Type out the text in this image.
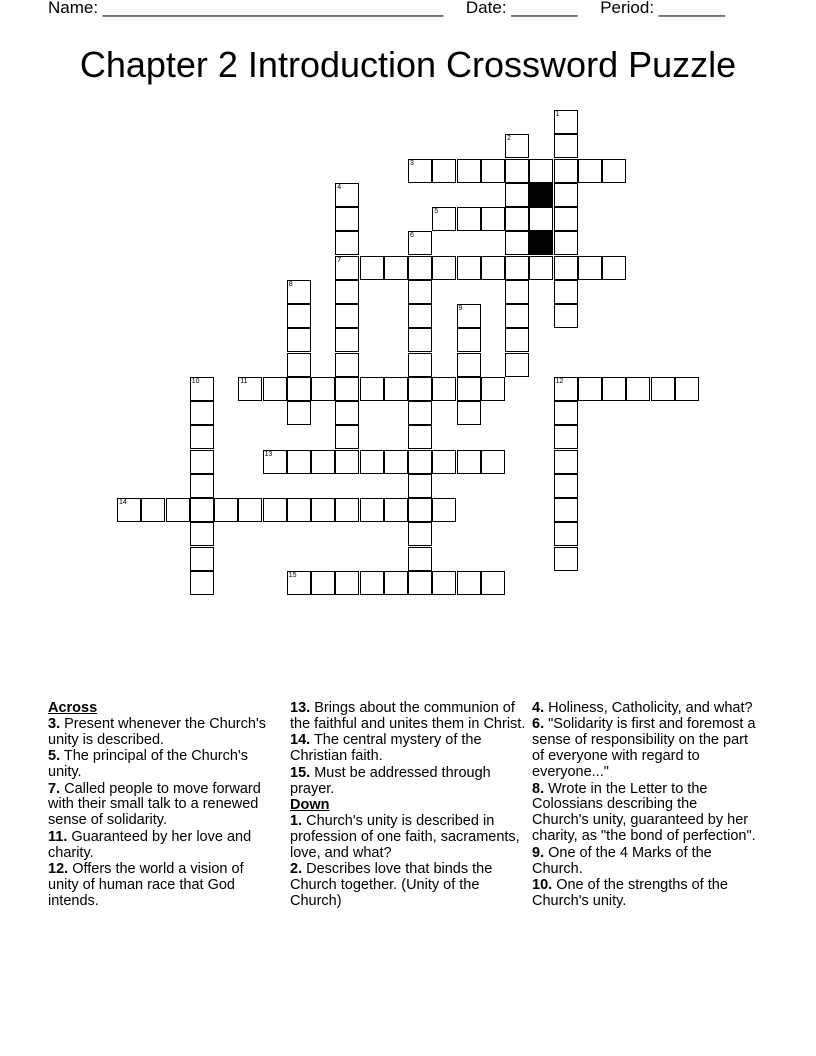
Name: ____________________________________ Date: _______ Period: _______
Chapter 2 Introduction Crossword Puzzle
1
2
3
4
5
6
7
8
9
10	11	12
13
14
15
Across
3. Present whenever the Church's unity is described.
5. The principal of the Church's unity.
7. Called people to move forward with their small talk to a renewed sense of solidarity.
11. Guaranteed by her love and charity.
12. Offers the world a vision of unity of human race that God intends.
13. Brings about the communion of the faithful and unites them in Christ.
14. The central mystery of the Christian faith.
15. Must be addressed through prayer.
Down
1. Church's unity is described in profession of one faith, sacraments, love, and what?
2. Describes love that binds the Church together. (Unity of the Church)
4. Holiness, Catholicity, and what?
6. "Solidarity is first and foremost a sense of responsibility on the part of everyone with regard to everyone..."
8. Wrote in the Letter to the Colossians describing the Church's unity, guaranteed by her charity, as "the bond of perfection".
9. One of the 4 Marks of the Church.
10. One of the strengths of the Church's unity.
